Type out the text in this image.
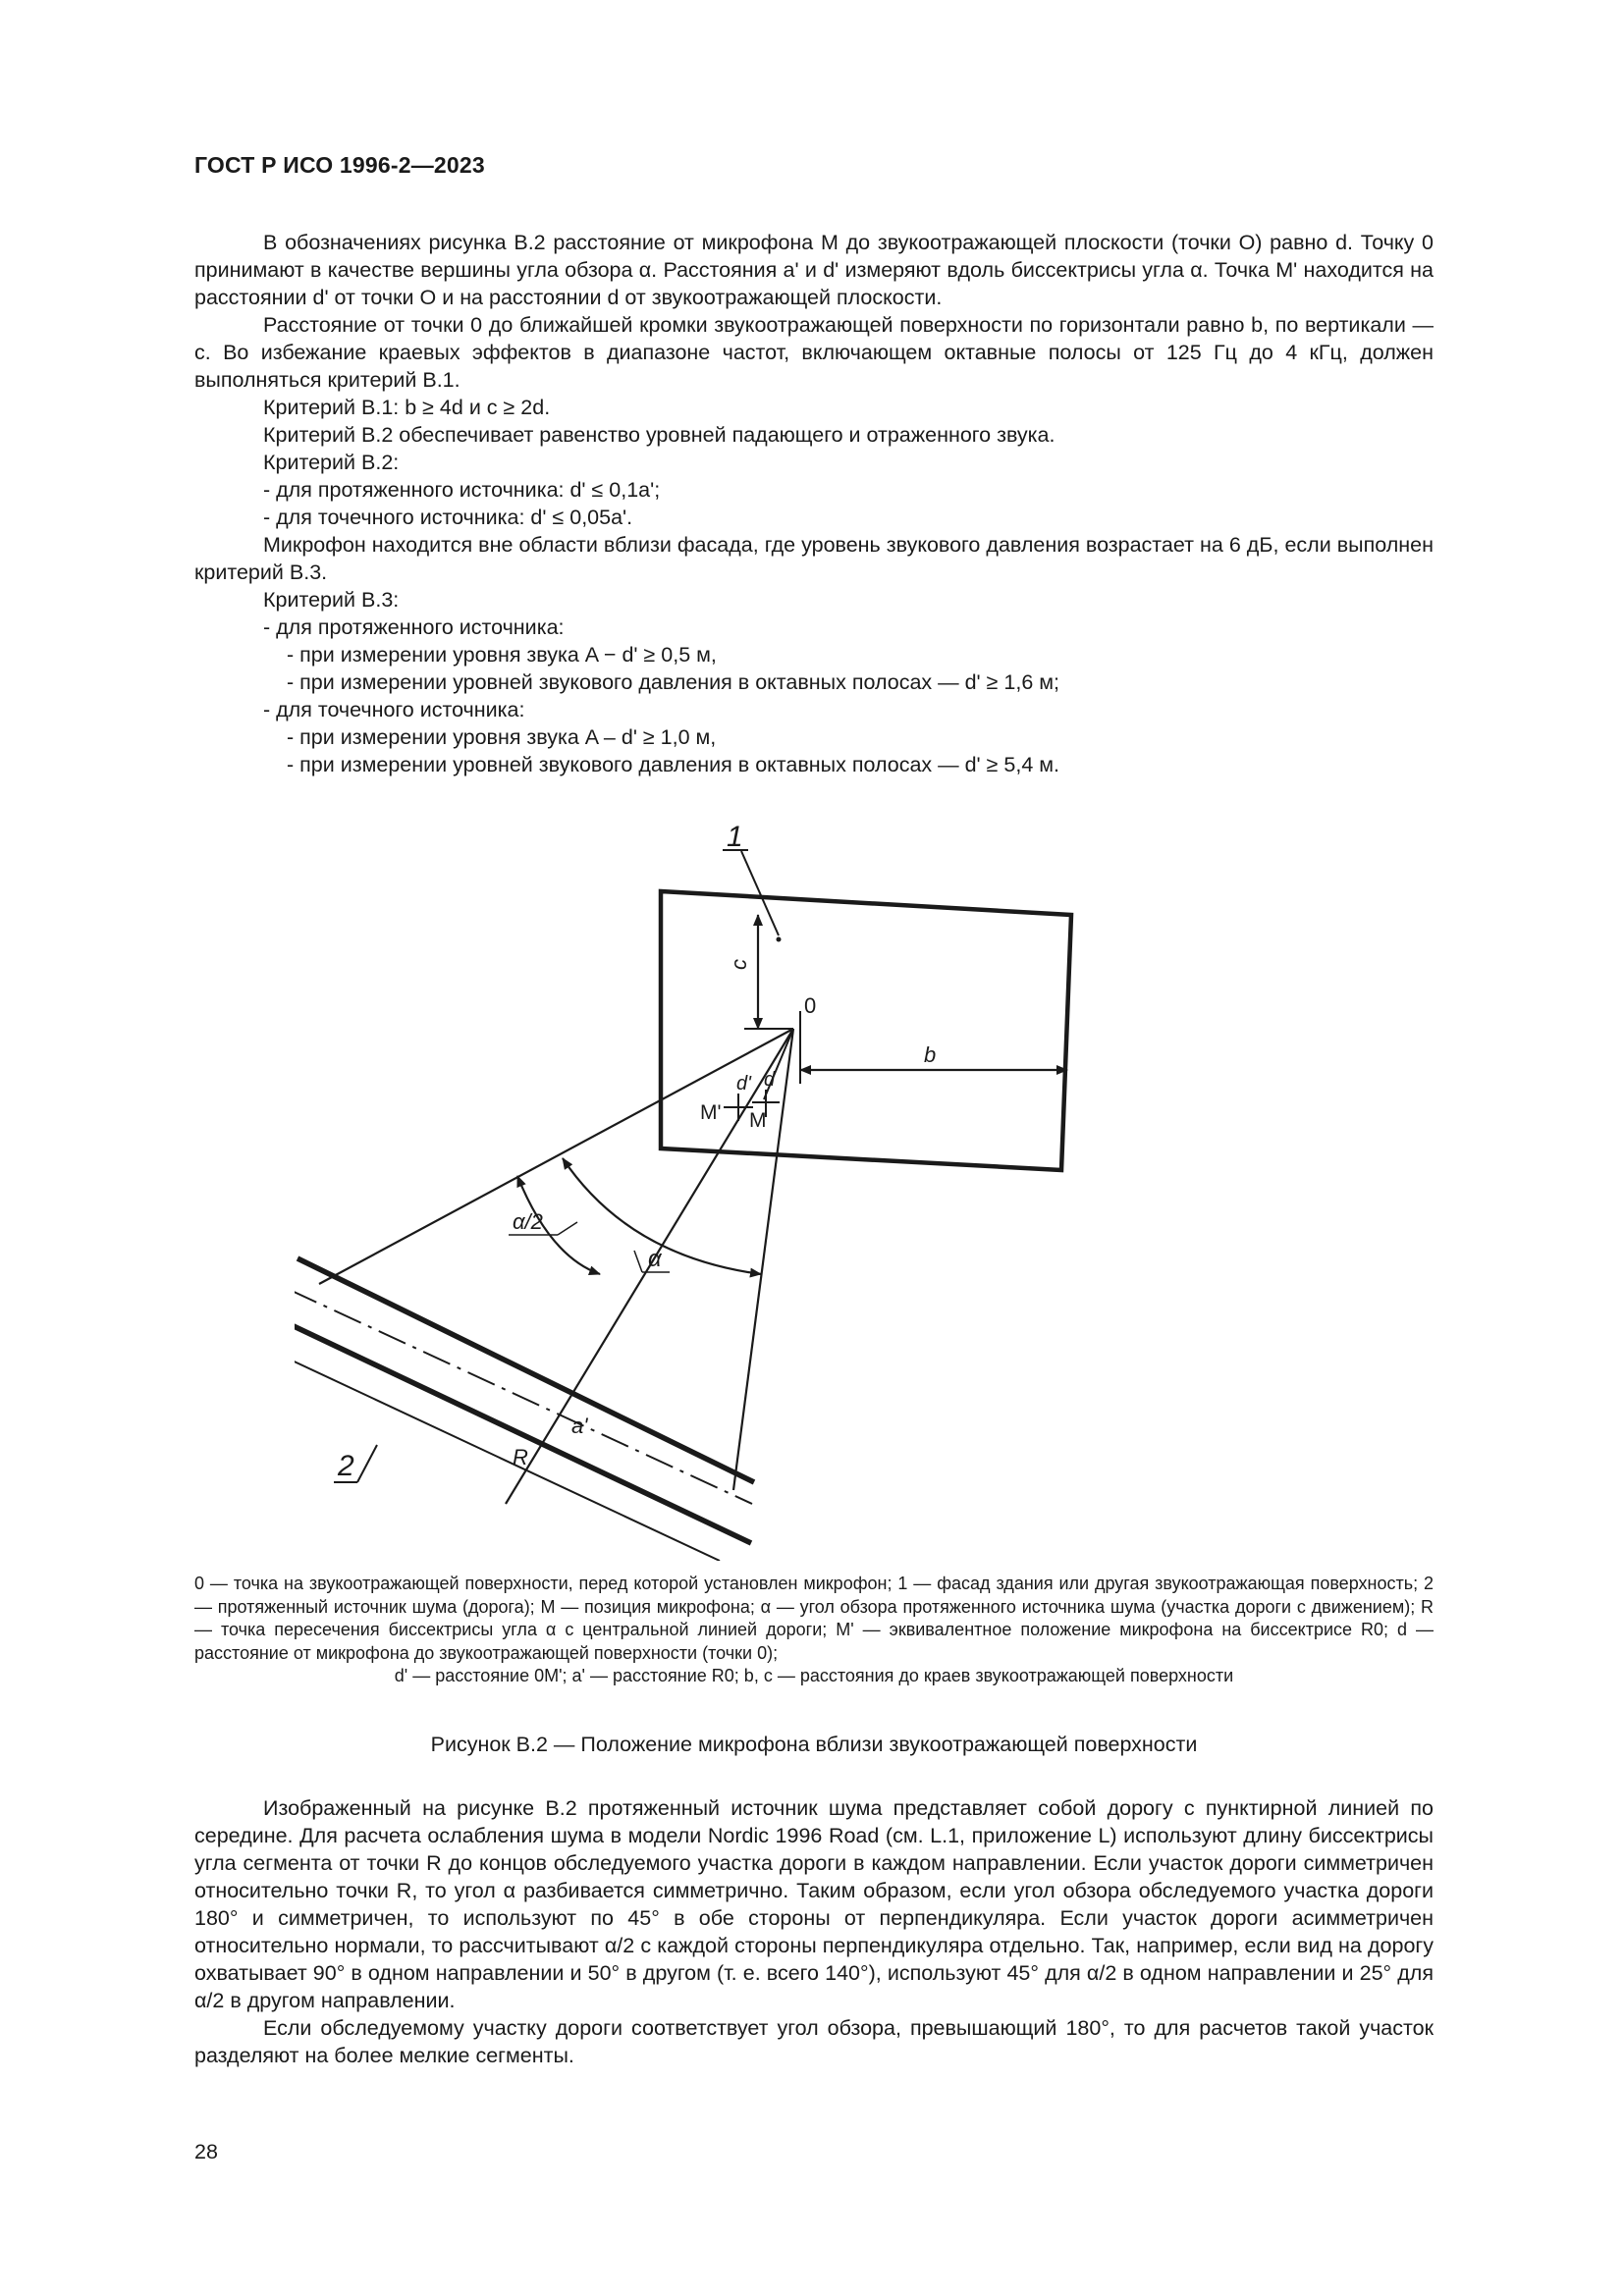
ГОСТ Р ИСО 1996-2—2023

В обозначениях рисунка В.2 расстояние от микрофона M до звукоотражающей плоскости (точки O) равно d. Точку 0 принимают в качестве вершины угла обзора α. Расстояния a' и d' измеряют вдоль биссектрисы угла α. Точка M' находится на расстоянии d' от точки O и на расстоянии d от звукоотражающей плоскости.

Расстояние от точки 0 до ближайшей кромки звукоотражающей поверхности по горизонтали равно b, по вертикали — c. Во избежание краевых эффектов в диапазоне частот, включающем октавные полосы от 125 Гц до 4 кГц, должен выполняться критерий В.1.

Критерий В.1: b ≥ 4d и c ≥ 2d.

Критерий В.2 обеспечивает равенство уровней падающего и отраженного звука.

Критерий В.2:

- для протяженного источника: d' ≤ 0,1a';

- для точечного источника: d' ≤ 0,05a'.

Микрофон находится вне области вблизи фасада, где уровень звукового давления возрастает на 6 дБ, если выполнен критерий В.3.

Критерий В.3:

- для протяженного источника:

- при измерении уровня звука A − d' ≥ 0,5 м,

- при измерении уровней звукового давления в октавных полосах — d' ≥ 1,6 м;

- для точечного источника:

- при измерении уровня звука A – d' ≥ 1,0 м,

- при измерении уровней звукового давления в октавных полосах — d' ≥ 5,4 м.

1
c
0
b
d' d
M' M
α/2
α
R
a'
2

0 — точка на звукоотражающей поверхности, перед которой установлен микрофон; 1 — фасад здания или другая звукоотражающая поверхность; 2 — протяженный источник шума (дорога); M — позиция микрофона; α — угол обзора протяженного источника шума (участка дороги с движением); R — точка пересечения биссектрисы угла α с центральной линией дороги; M' — эквивалентное положение микрофона на биссектрисе R0; d — расстояние от микрофона до звукоотражающей поверхности (точки 0);

d' — расстояние 0M'; a' — расстояние R0; b, c — расстояния до краев звукоотражающей поверхности

Рисунок В.2 — Положение микрофона вблизи звукоотражающей поверхности

Изображенный на рисунке В.2 протяженный источник шума представляет собой дорогу с пунктирной линией по середине. Для расчета ослабления шума в модели Nordic 1996 Road (см. L.1, приложение L) используют длину биссектрисы угла сегмента от точки R до концов обследуемого участка дороги в каждом направлении. Если участок дороги симметричен относительно точки R, то угол α разбивается симметрично. Таким образом, если угол обзора обследуемого участка дороги 180° и симметричен, то используют по 45° в обе стороны от перпендикуляра. Если участок дороги асимметричен относительно нормали, то рассчитывают α/2 с каждой стороны перпендикуляра отдельно. Так, например, если вид на дорогу охватывает 90° в одном направлении и 50° в другом (т. е. всего 140°), используют 45° для α/2 в одном направлении и 25° для α/2 в другом направлении.

Если обследуемому участку дороги соответствует угол обзора, превышающий 180°, то для расчетов такой участок разделяют на более мелкие сегменты.

28
